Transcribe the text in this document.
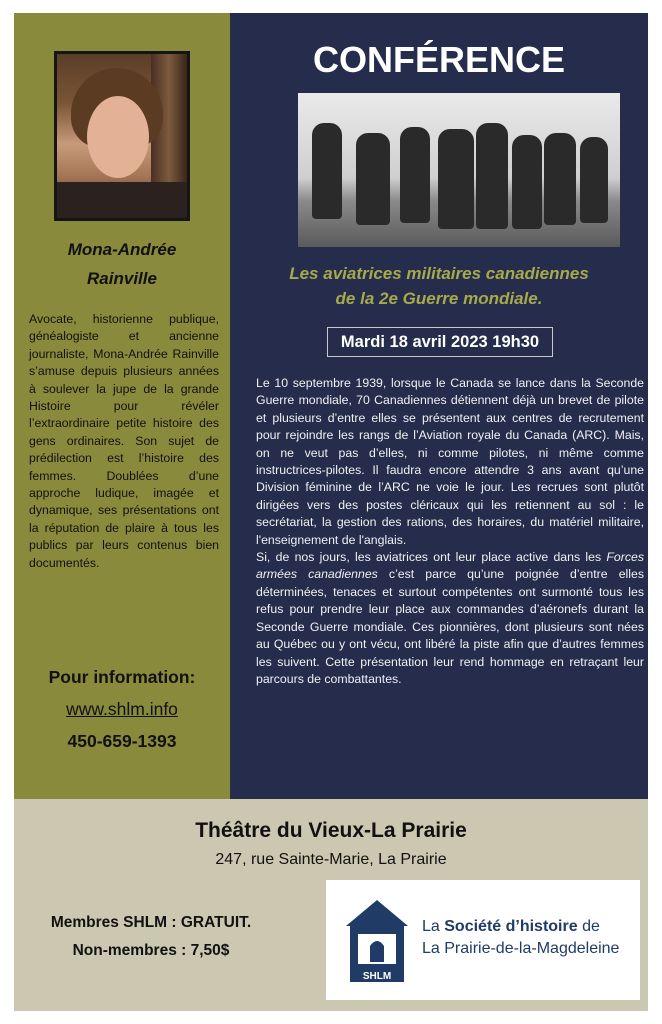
Mona-Andrée
Rainville
Avocate, historienne publique, généalogiste et ancienne journaliste, Mona-Andrée Rainville s’amuse depuis plusieurs années à soulever la jupe de la grande Histoire pour révéler l’extraordinaire petite histoire des gens ordinaires. Son sujet de prédilection est l’histoire des femmes. Doublées d’une approche ludique, imagée et dynamique, ses présentations ont la réputation de plaire à tous les publics par leurs contenus bien documentés.
Pour information:
www.shlm.info
450-659-1393
CONFÉRENCE
Les aviatrices militaires canadiennes
de la 2e Guerre mondiale.
Mardi 18 avril 2023 19h30

Le 10 septembre 1939, lorsque le Canada se lance dans la Seconde Guerre mondiale, 70 Canadiennes détiennent déjà un brevet de pilote et plusieurs d’entre elles se présentent aux centres de recrutement pour rejoindre les rangs de l’Aviation royale du Canada (ARC). Mais, on ne veut pas d’elles, ni comme pilotes, ni même comme instructrices-pilotes. Il faudra encore attendre 3 ans avant qu’une Division féminine de l’ARC ne voie le jour. Les recrues sont plutôt dirigées vers des postes cléricaux qui les retiennent au sol : le secrétariat, la gestion des rations, des horaires, du matériel militaire, l'enseignement de l'anglais.

Si, de nos jours, les aviatrices ont leur place active dans les Forces armées canadiennes c’est parce qu’une poignée d’entre elles déterminées, tenaces et surtout compétentes ont surmonté tous les refus pour prendre leur place aux commandes d’aéronefs durant la Seconde Guerre mondiale. Ces pionnières, dont plusieurs sont nées au Québec ou y ont vécu, ont libéré la piste afin que d’autres femmes les suivent. Cette présentation leur rend hommage en retraçant leur parcours de combattantes.

Théâtre du Vieux-La Prairie
247, rue Sainte-Marie, La Prairie
Membres SHLM : GRATUIT.
Non-membres : 7,50$
SHLM
La Société d’histoire de
La Prairie-de-la-Magdeleine
